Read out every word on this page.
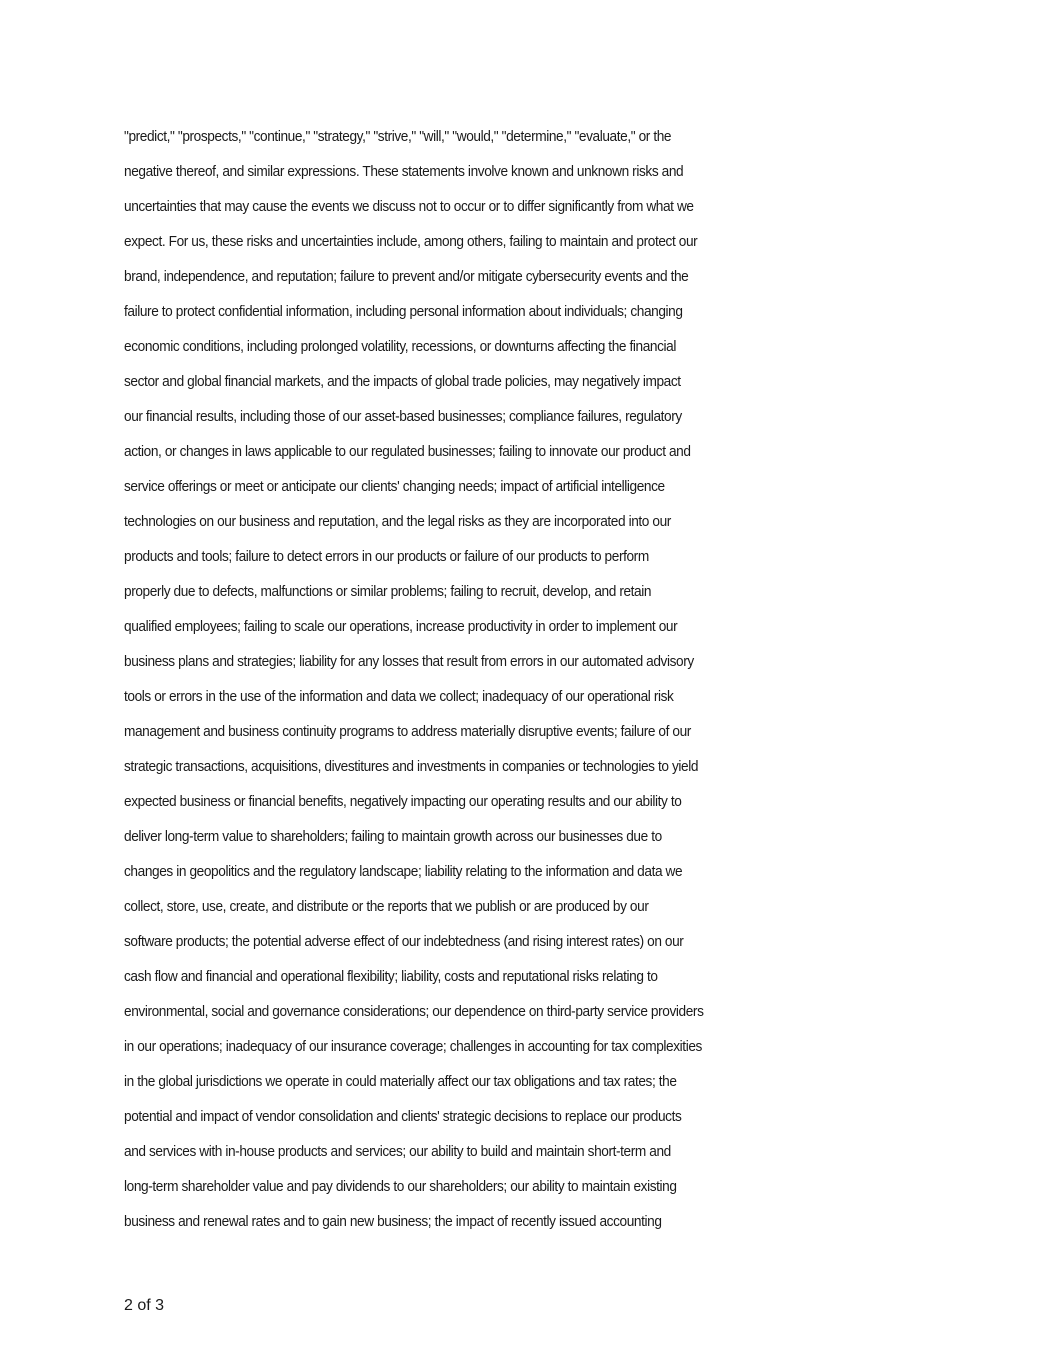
"predict," "prospects," "continue," "strategy," "strive," "will," "would," "determine," "evaluate," or the
negative thereof, and similar expressions. These statements involve known and unknown risks and
uncertainties that may cause the events we discuss not to occur or to differ significantly from what we
expect. For us, these risks and uncertainties include, among others, failing to maintain and protect our
brand, independence, and reputation; failure to prevent and/or mitigate cybersecurity events and the
failure to protect confidential information, including personal information about individuals; changing
economic conditions, including prolonged volatility, recessions, or downturns affecting the financial
sector and global financial markets, and the impacts of global trade policies, may negatively impact
our financial results, including those of our asset-based businesses; compliance failures, regulatory
action, or changes in laws applicable to our regulated businesses; failing to innovate our product and
service offerings or meet or anticipate our clients' changing needs; impact of artificial intelligence
technologies on our business and reputation, and the legal risks as they are incorporated into our
products and tools; failure to detect errors in our products or failure of our products to perform
properly due to defects, malfunctions or similar problems; failing to recruit, develop, and retain
qualified employees; failing to scale our operations, increase productivity in order to implement our
business plans and strategies; liability for any losses that result from errors in our automated advisory
tools or errors in the use of the information and data we collect; inadequacy of our operational risk
management and business continuity programs to address materially disruptive events; failure of our
strategic transactions, acquisitions, divestitures and investments in companies or technologies to yield
expected business or financial benefits, negatively impacting our operating results and our ability to
deliver long-term value to shareholders; failing to maintain growth across our businesses due to
changes in geopolitics and the regulatory landscape; liability relating to the information and data we
collect, store, use, create, and distribute or the reports that we publish or are produced by our
software products; the potential adverse effect of our indebtedness (and rising interest rates) on our
cash flow and financial and operational flexibility; liability, costs and reputational risks relating to
environmental, social and governance considerations; our dependence on third-party service providers
in our operations; inadequacy of our insurance coverage; challenges in accounting for tax complexities
in the global jurisdictions we operate in could materially affect our tax obligations and tax rates; the
potential and impact of vendor consolidation and clients' strategic decisions to replace our products
and services with in-house products and services; our ability to build and maintain short-term and
long-term shareholder value and pay dividends to our shareholders; our ability to maintain existing
business and renewal rates and to gain new business; the impact of recently issued accounting
2 of 3
